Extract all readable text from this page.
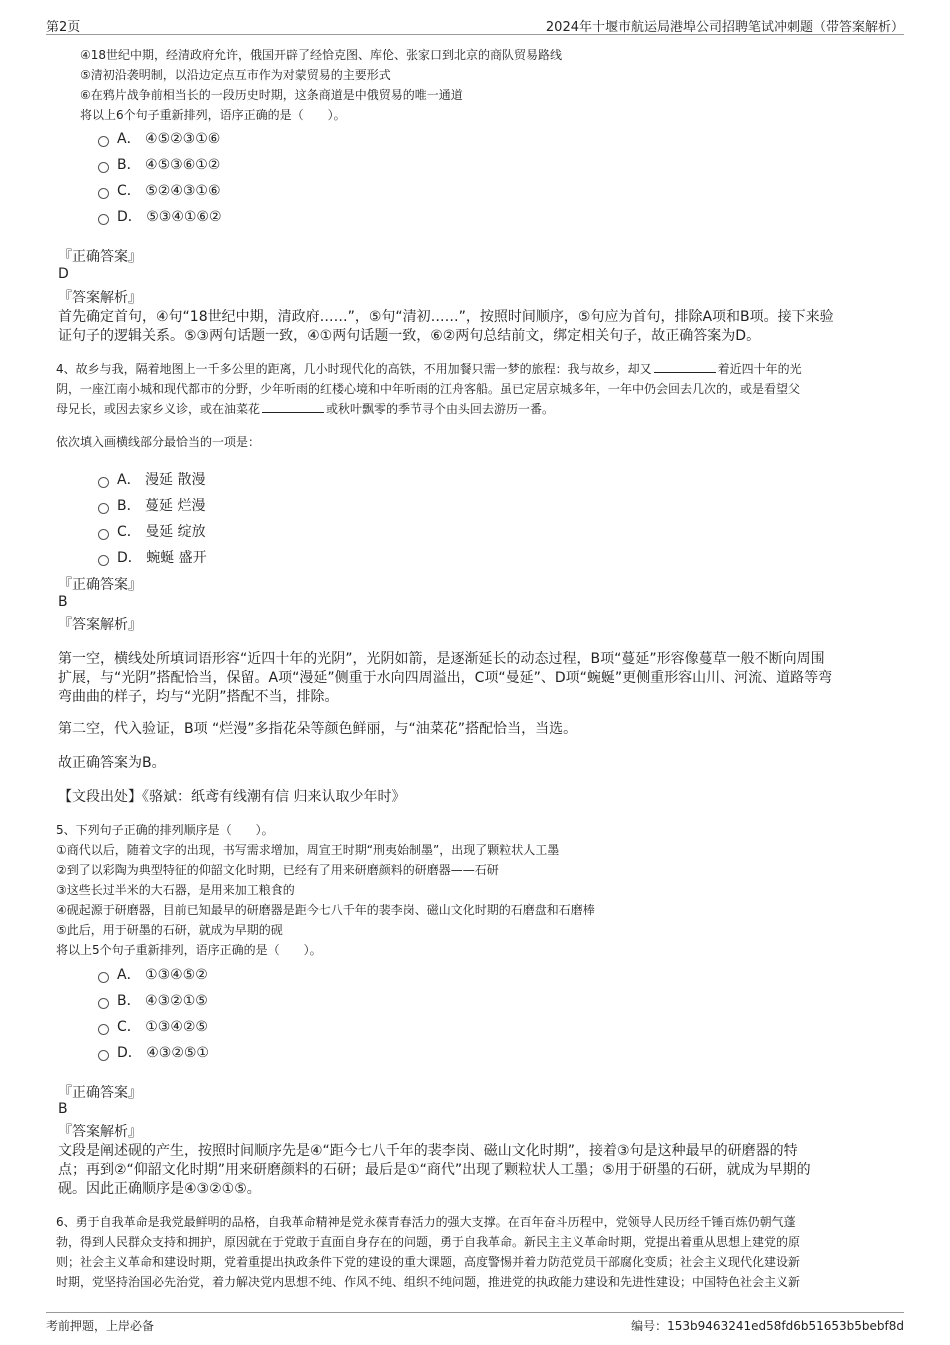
第2页	2024年十堰市航运局港埠公司招聘笔试冲刺题（带答案解析）
④18世纪中期，经清政府允许，俄国开辟了经恰克图、库伦、张家口到北京的商队贸易路线
⑤清初沿袭明制，以沿边定点互市作为对蒙贸易的主要形式
⑥在鸦片战争前相当长的一段历史时期，这条商道是中俄贸易的唯一通道
将以上6个句子重新排列，语序正确的是（　　）。
A． ④⑤②③①⑥
B． ④⑤③⑥①②
C． ⑤②④③①⑥
D． ⑤③④①⑥②
『正确答案』
D
『答案解析』
首先确定首句，④句“18世纪中期，清政府……”，⑤句“清初……”，按照时间顺序，⑤句应为首句，排除A项和B项。接下来验
证句子的逻辑关系。⑤③两句话题一致，④①两句话题一致，⑥②两句总结前文，绑定相关句子，故正确答案为D。
4、故乡与我，隔着地图上一千多公里的距离，几小时现代化的高铁，不用加餐只需一梦的旅程：我与故乡，却又	着近四十年的光
阴，一座江南小城和现代都市的分野，少年听雨的红楼心境和中年听雨的江舟客船。虽已定居京城多年，一年中仍会回去几次的，或是看望父
母兄长，或因去家乡义诊，或在油菜花	或秋叶飘零的季节寻个由头回去游历一番。
依次填入画横线部分最恰当的一项是：
A． 漫延 散漫
B． 蔓延 烂漫
C． 曼延 绽放
D． 蜿蜒 盛开
『正确答案』
B
『答案解析』
第一空，横线处所填词语形容“近四十年的光阴”，光阴如箭，是逐渐延长的动态过程，B项“蔓延”形容像蔓草一般不断向周围
扩展，与“光阴”搭配恰当，保留。A项“漫延”侧重于水向四周溢出，C项“曼延”、D项“蜿蜒”更侧重形容山川、河流、道路等弯
弯曲曲的样子，均与“光阴”搭配不当，排除。
第二空，代入验证，B项 “烂漫”多指花朵等颜色鲜丽，与“油菜花”搭配恰当，当选。
故正确答案为B。
【文段出处】《骆斌：纸鸢有线潮有信 归来认取少年时》
5、下列句子正确的排列顺序是（　　）。
①商代以后，随着文字的出现，书写需求增加，周宣王时期“刑夷始制墨”，出现了颗粒状人工墨
②到了以彩陶为典型特征的仰韶文化时期，已经有了用来研磨颜料的研磨器——石研
③这些长过半米的大石器，是用来加工粮食的
④砚起源于研磨器，目前已知最早的研磨器是距今七八千年的裴李岗、磁山文化时期的石磨盘和石磨棒
⑤此后，用于研墨的石研，就成为早期的砚
将以上5个句子重新排列，语序正确的是（　　）。
A． ①③④⑤②
B． ④③②①⑤
C． ①③④②⑤
D． ④③②⑤①
『正确答案』
B
『答案解析』
文段是阐述砚的产生，按照时间顺序先是④“距今七八千年的裴李岗、磁山文化时期”，接着③句是这种最早的研磨器的特
点；再到②“仰韶文化时期”用来研磨颜料的石研；最后是①“商代”出现了颗粒状人工墨；⑤用于研墨的石研，就成为早期的
砚。因此正确顺序是④③②①⑤。
6、勇于自我革命是我党最鲜明的品格，自我革命精神是党永葆青春活力的强大支撑。在百年奋斗历程中，党领导人民历经千锤百炼仍朝气蓬
勃，得到人民群众支持和拥护，原因就在于党敢于直面自身存在的问题，勇于自我革命。新民主主义革命时期，党提出着重从思想上建党的原
则；社会主义革命和建设时期，党着重提出执政条件下党的建设的重大课题，高度警惕并着力防范党员干部腐化变质；社会主义现代化建设新
时期，党坚持治国必先治党，着力解决党内思想不纯、作风不纯、组织不纯问题，推进党的执政能力建设和先进性建设；中国特色社会主义新
考前押题，上岸必备	编号：153b9463241ed58fd6b51653b5bebf8d
